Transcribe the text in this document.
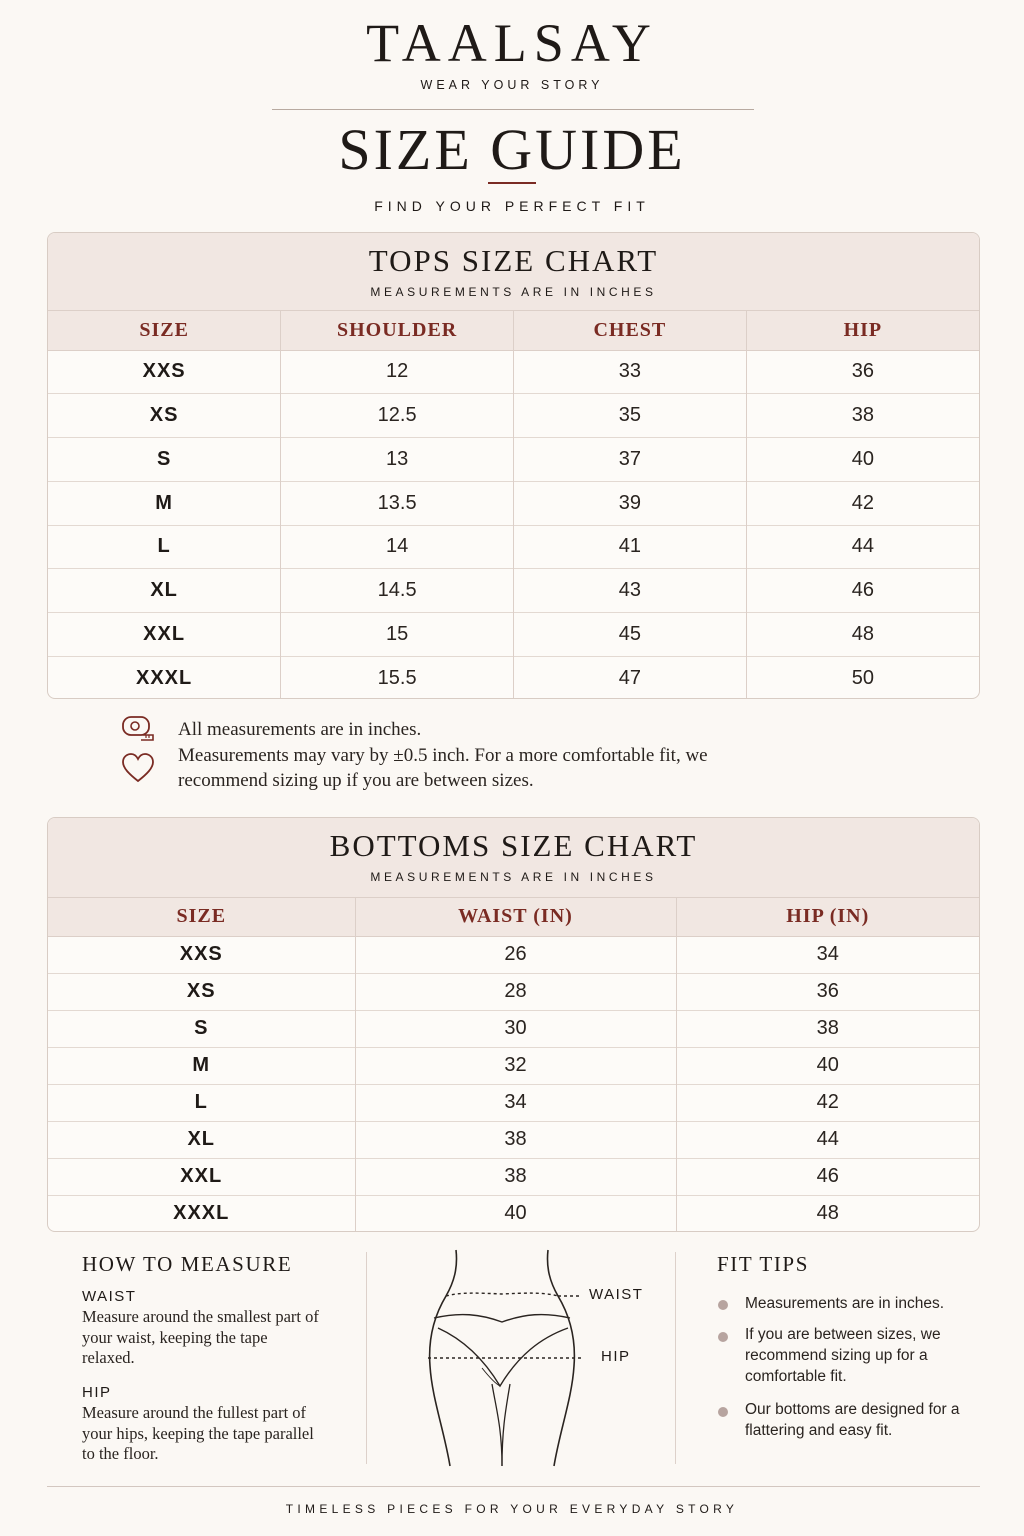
TAALSAY
WEAR YOUR STORY
SIZE GUIDE
FIND YOUR PERFECT FIT
TOPS SIZE CHART
MEASUREMENTS ARE IN INCHES
SIZE	SHOULDER	CHEST	HIP
XXS	12	33	36
XS	12.5	35	38
S	13	37	40
M	13.5	39	42
L	14	41	44
XL	14.5	43	46
XXL	15	45	48
XXXL	15.5	47	50
All measurements are in inches.
Measurements may vary by ±0.5 inch. For a more comfortable fit, we recommend sizing up if you are between sizes.
BOTTOMS SIZE CHART
MEASUREMENTS ARE IN INCHES
SIZE	WAIST (IN)	HIP (IN)
XXS	26	34
XS	28	36
S	30	38
M	32	40
L	34	42
XL	38	44
XXL	38	46
XXXL	40	48
HOW TO MEASURE
WAIST
Measure around the smallest part of your waist, keeping the tape relaxed.
HIP
Measure around the fullest part of your hips, keeping the tape parallel to the floor.
WAIST
HIP
FIT TIPS
Measurements are in inches.
If you are between sizes, we recommend sizing up for a comfortable fit.
Our bottoms are designed for a flattering and easy fit.
TIMELESS PIECES FOR YOUR EVERYDAY STORY
